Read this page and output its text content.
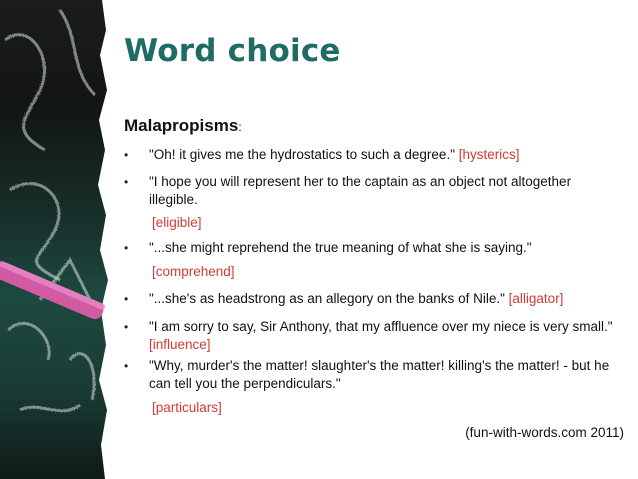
Word choice
Malapropisms:
•	"Oh! it gives me the hydrostatics to such a degree." [hysterics]
•	"I hope you will represent her to the captain as an object not altogether illegible.
[eligible]
•	"...she might reprehend the true meaning of what she is saying."
[comprehend]
•	"...she's as headstrong as an allegory on the banks of Nile." [alligator]
•	"I am sorry to say, Sir Anthony, that my affluence over my niece is very small." [influence]
•	"Why, murder's the matter! slaughter's the matter! killing's the matter! - but he can tell you the perpendiculars."
[particulars]
(fun-with-words.com 2011)
